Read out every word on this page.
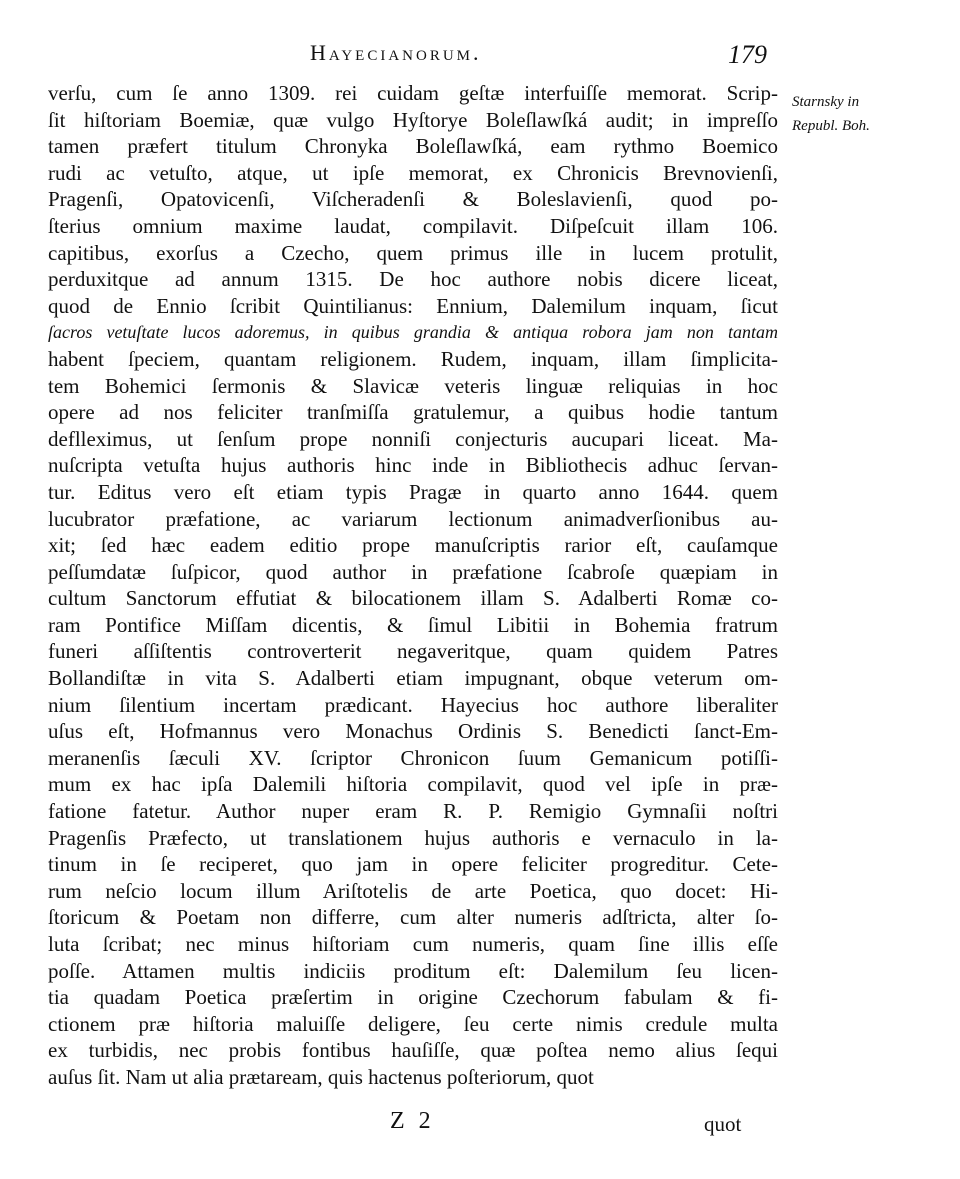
Hayecianorum.	179
Starnsky in
Republ. Boh.
verſu, cum ſe anno 1309. rei cuidam geſtæ interfuiſſe memorat. Scrip-
ſit hiſtoriam Boemiæ, quæ vulgo Hyſtorye Boleſlawſká audit; in impreſſo
tamen præfert titulum Chronyka Boleſlawſká, eam rythmo Boemico
rudi ac vetuſto, atque, ut ipſe memorat, ex Chronicis Brevnovienſi,
Pragenſi, Opatovicenſi, Viſcheradenſi & Boleslavienſi, quod po-
ſterius omnium maxime laudat, compilavit. Diſpeſcuit illam 106.
capitibus, exorſus a Czecho, quem primus ille in lucem protulit,
perduxitque ad annum 1315. De hoc authore nobis dicere liceat,
quod de Ennio ſcribit Quintilianus: Ennium, Dalemilum inquam, ſicut
ſacros vetuſtate lucos adoremus, in quibus grandia & antiqua robora jam non tantam
habent ſpeciem, quantam religionem. Rudem, inquam, illam ſimplicita-
tem Bohemici ſermonis & Slavicæ veteris linguæ reliquias in hoc
opere ad nos feliciter tranſmiſſa gratulemur, a quibus hodie tantum
deflleximus, ut ſenſum prope nonniſi conjecturis aucupari liceat. Ma-
nuſcripta vetuſta hujus authoris hinc inde in Bibliothecis adhuc ſervan-
tur. Editus vero eſt etiam typis Pragæ in quarto anno 1644. quem
lucubrator præfatione, ac variarum lectionum animadverſionibus au-
xit; ſed hæc eadem editio prope manuſcriptis rarior eſt, cauſamque
peſſumdatæ ſuſpicor, quod author in præfatione ſcabroſe quæpiam in
cultum Sanctorum effutiat & bilocationem illam S. Adalberti Romæ co-
ram Pontifice Miſſam dicentis, & ſimul Libitii in Bohemia fratrum
funeri aſſiſtentis controverterit negaveritque, quam quidem Patres
Bollandiſtæ in vita S. Adalberti etiam impugnant, obque veterum om-
nium ſilentium incertam prædicant. Hayecius hoc authore liberaliter
uſus eſt, Hofmannus vero Monachus Ordinis S. Benedicti ſanct-Em-
meranenſis ſæculi XV. ſcriptor Chronicon ſuum Gemanicum potiſſi-
mum ex hac ipſa Dalemili hiſtoria compilavit, quod vel ipſe in præ-
fatione fatetur. Author nuper eram R. P. Remigio Gymnaſii noſtri
Pragenſis Præfecto, ut translationem hujus authoris e vernaculo in la-
tinum in ſe reciperet, quo jam in opere feliciter progreditur. Cete-
rum neſcio locum illum Ariſtotelis de arte Poetica, quo docet: Hi-
ſtoricum & Poetam non differre, cum alter numeris adſtricta, alter ſo-
luta ſcribat; nec minus hiſtoriam cum numeris, quam ſine illis eſſe
poſſe. Attamen multis indiciis proditum eſt: Dalemilum ſeu licen-
tia quadam Poetica præſertim in origine Czechorum fabulam & fi-
ctionem præ hiſtoria maluiſſe deligere, ſeu certe nimis credule multa
ex turbidis, nec probis fontibus hauſiſſe, quæ poſtea nemo alius ſequi
auſus ſit. Nam ut alia prætaream, quis hactenus poſteriorum, quot
Z 2	quot
